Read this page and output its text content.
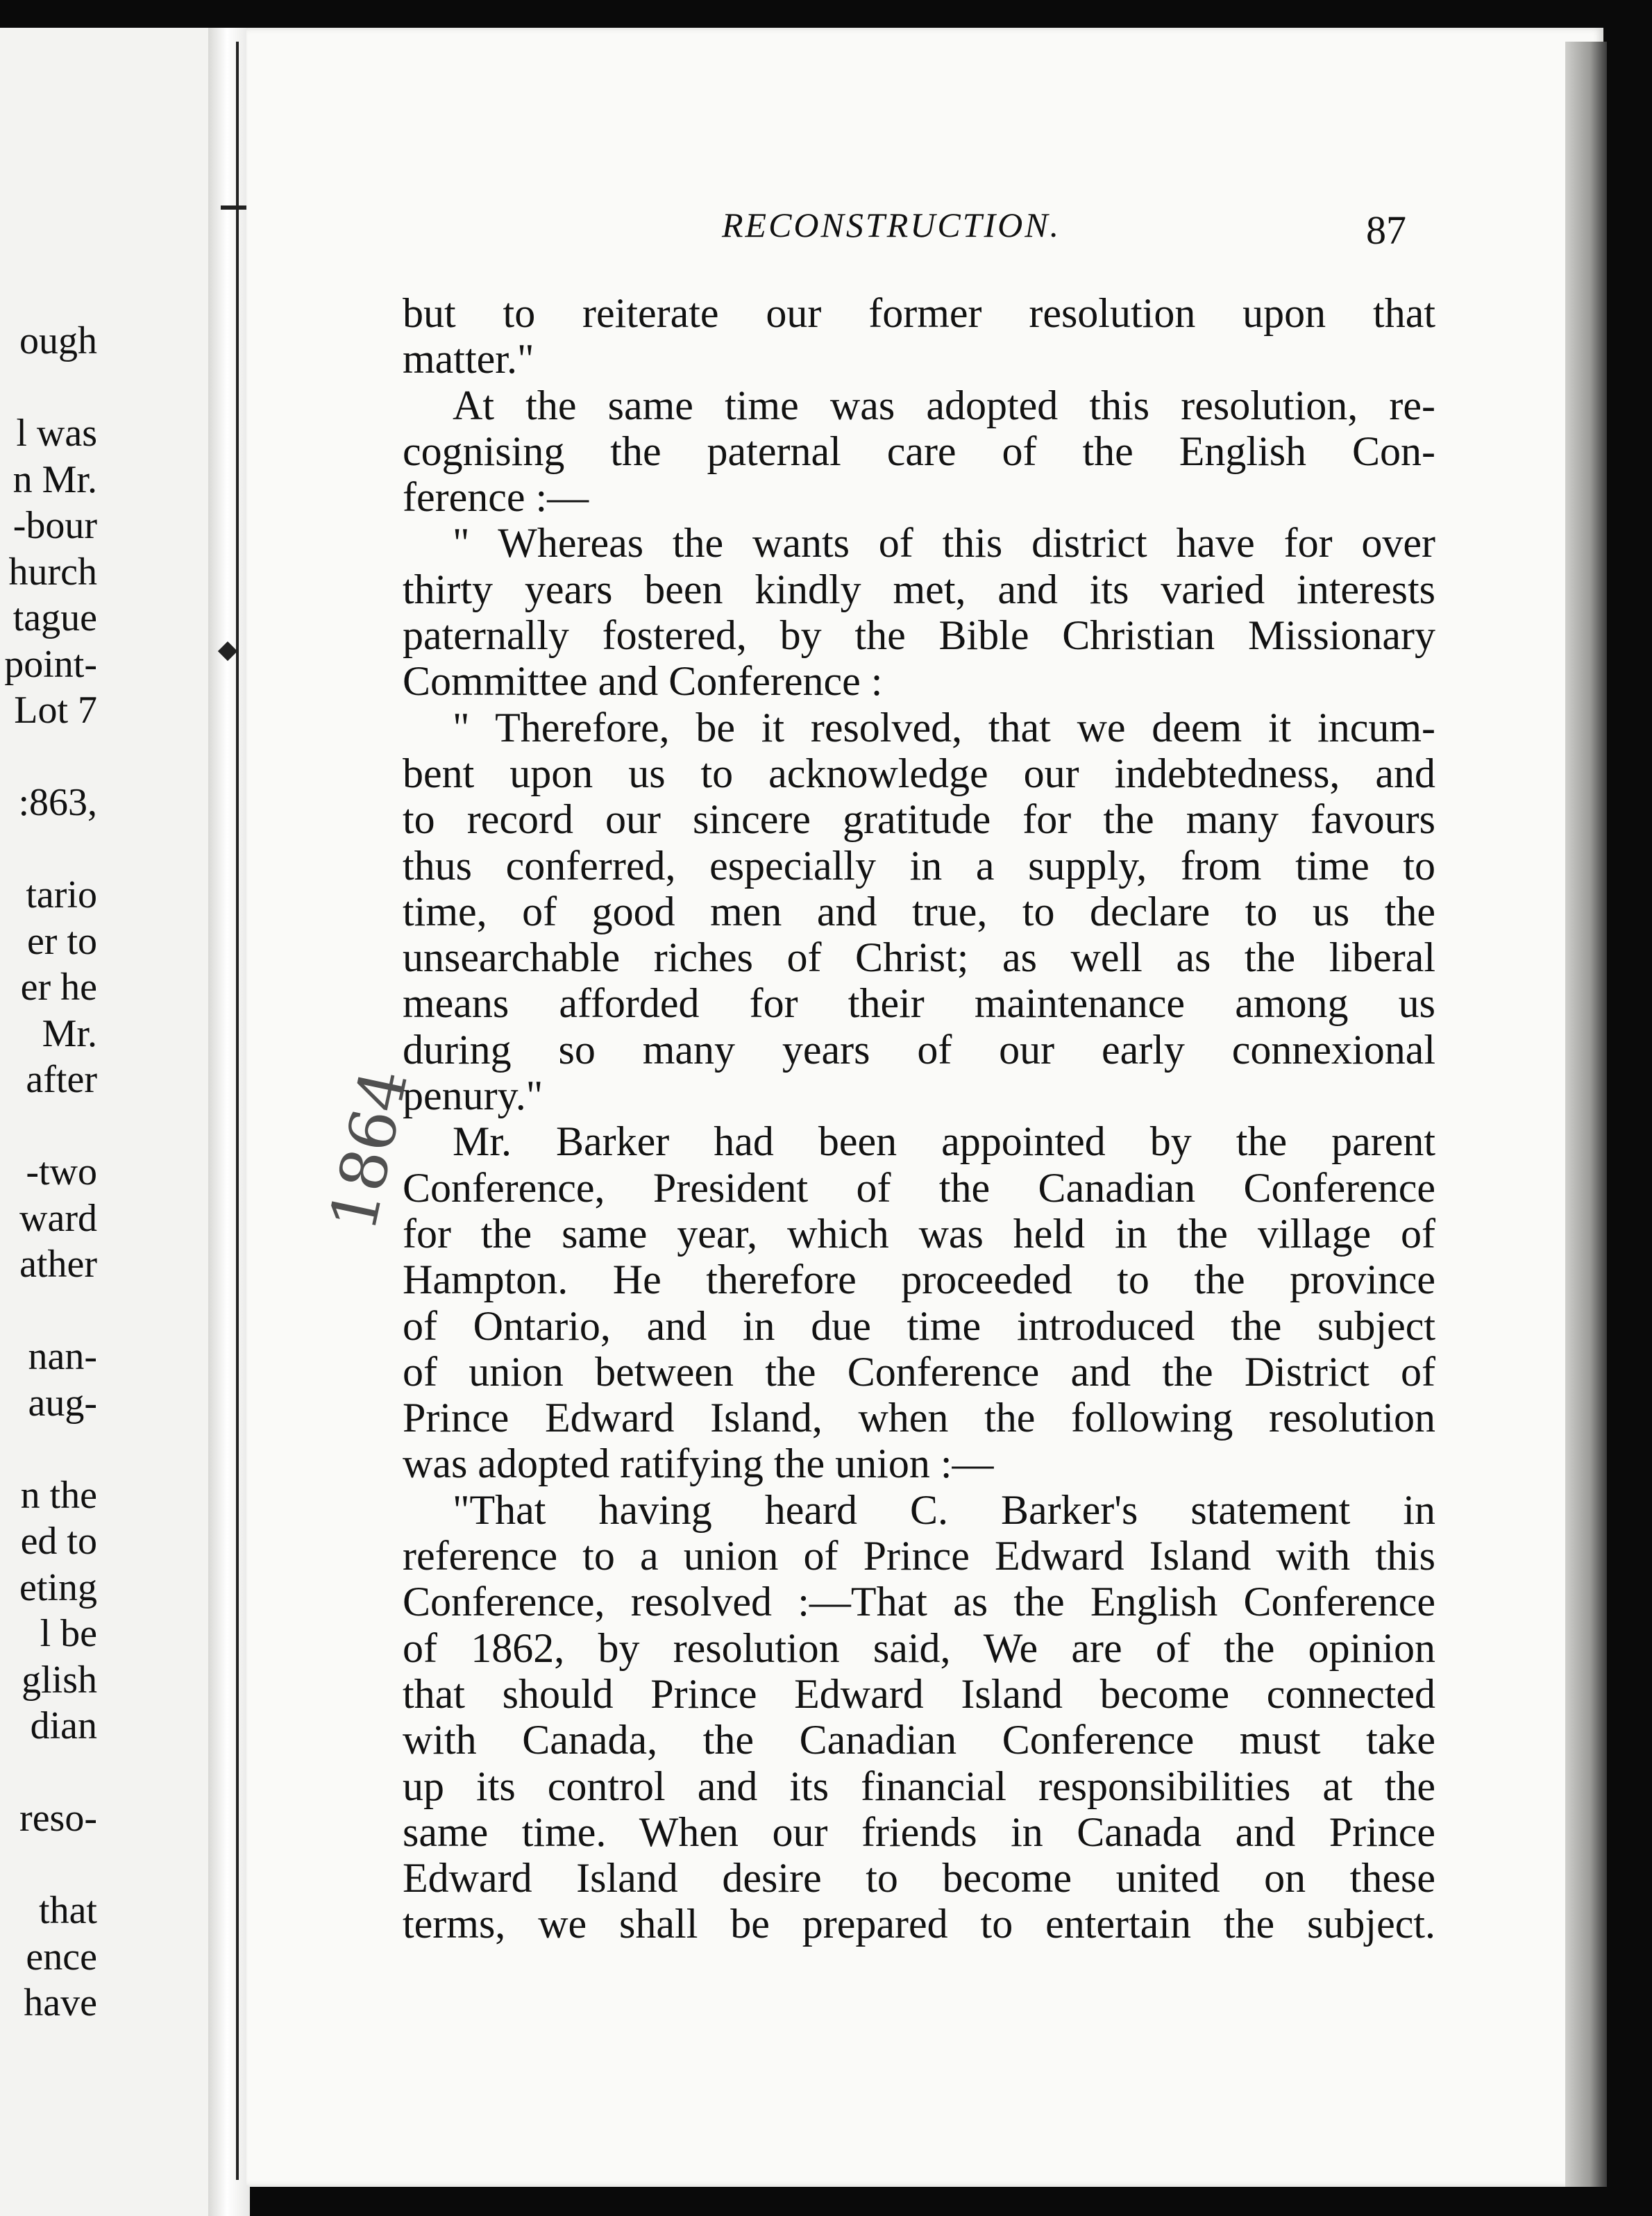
ough
l was
n Mr.
-bour
hurch
tague
point-
Lot 7
:863,
tario
er to
er he
Mr.
after
-two
ward
ather
nan-
aug-
n the
ed to
eting
l be
glish
dian
reso-
that
ence
have
RECONSTRUCTION.	87
1864
but to reiterate our former resolution upon that
matter."
At the same time was adopted this resolution, re-
cognising the paternal care of the English Con-
ference :—
" Whereas the wants of this district have for over
thirty years been kindly met, and its varied interests
paternally fostered, by the Bible Christian Missionary
Committee and Conference :
" Therefore, be it resolved, that we deem it incum-
bent upon us to acknowledge our indebtedness, and
to record our sincere gratitude for the many favours
thus conferred, especially in a supply, from time to
time, of good men and true, to declare to us the
unsearchable riches of Christ; as well as the liberal
means afforded for their maintenance among us
during so many years of our early connexional
penury."
Mr. Barker had been appointed by the parent
Conference, President of the Canadian Conference
for the same year, which was held in the village of
Hampton. He therefore proceeded to the province
of Ontario, and in due time introduced the subject
of union between the Conference and the District of
Prince Edward Island, when the following resolution
was adopted ratifying the union :—
"That having heard C. Barker's statement in
reference to a union of Prince Edward Island with this
Conference, resolved :—That as the English Conference
of 1862, by resolution said, We are of the opinion
that should Prince Edward Island become connected
with Canada, the Canadian Conference must take
up its control and its financial responsibilities at the
same time. When our friends in Canada and Prince
Edward Island desire to become united on these
terms, we shall be prepared to entertain the subject.
